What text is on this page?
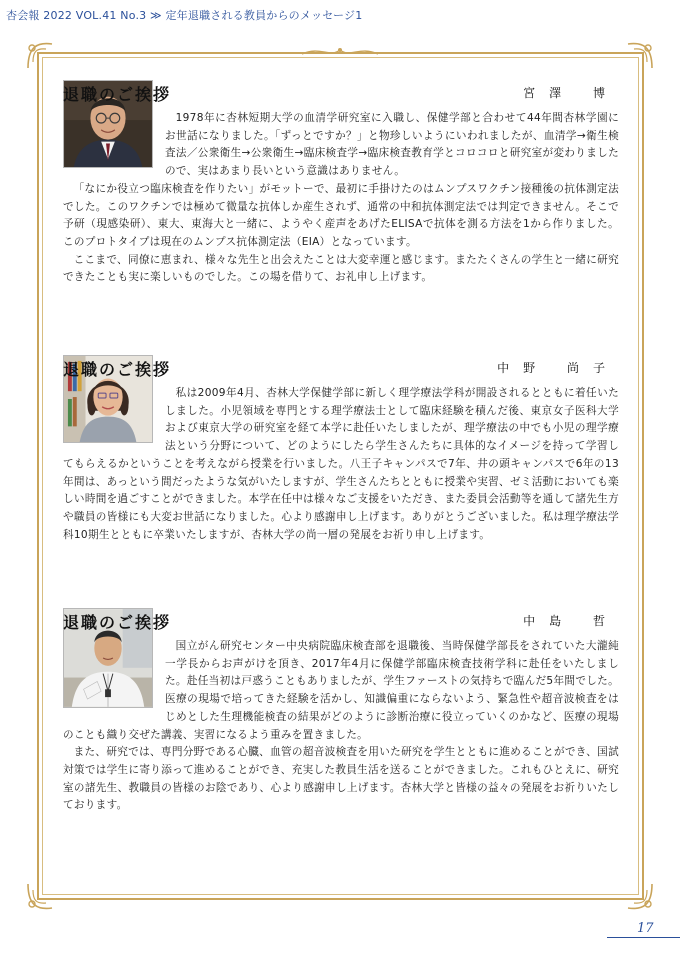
杏会報 2022 VOL.41 No.3 ≫ 定年退職される教員からのメッセージ1
退職のご挨拶	宮澤 博

1978年に杏林短期大学の血清学研究室に入職し、保健学部と合わせて44年間杏林学園にお世話になりました。「ずっとですか？」と物珍しいようにいわれましたが、血清学→衛生検査法／公衆衛生→公衆衛生→臨床検査学→臨床検査教育学とコロコロと研究室が変わりましたので、実はあまり長いという意識はありません。

「なにか役立つ臨床検査を作りたい」がモットーで、最初に手掛けたのはムンプスワクチン接種後の抗体測定法でした。このワクチンでは極めて微量な抗体しか産生されず、通常の中和抗体測定法では判定できません。そこで予研（現感染研）、東大、東海大と一緒に、ようやく産声をあげたELISAで抗体を測る方法を1から作りました。このプロトタイプは現在のムンプス抗体測定法（EIA）となっています。

ここまで、同僚に恵まれ、様々な先生と出会えたことは大変幸運と感じます。またたくさんの学生と一緒に研究できたことも実に楽しいものでした。この場を借りて、お礼申し上げます。

退職のご挨拶	中野 尚子

私は2009年4月、杏林大学保健学部に新しく理学療法学科が開設されるとともに着任いたしました。小児領域を専門とする理学療法士として臨床経験を積んだ後、東京女子医科大学および東京大学の研究室を経て本学に赴任いたしましたが、理学療法の中でも小児の理学療法という分野について、どのようにしたら学生さんたちに具体的なイメージを持って学習してもらえるかということを考えながら授業を行いました。八王子キャンパスで7年、井の頭キャンパスで6年の13年間は、あっという間だったような気がいたしますが、学生さんたちとともに授業や実習、ゼミ活動においても楽しい時間を過ごすことができました。本学在任中は様々なご支援をいただき、また委員会活動等を通して諸先生方や職員の皆様にも大変お世話になりました。心より感謝申し上げます。ありがとうございました。私は理学療法学科10期生とともに卒業いたしますが、杏林大学の尚一層の発展をお祈り申し上げます。

退職のご挨拶	中島 哲

国立がん研究センター中央病院臨床検査部を退職後、当時保健学部長をされていた大瀧純一学長からお声がけを頂き、2017年4月に保健学部臨床検査技術学科に赴任をいたしました。赴任当初は戸惑うこともありましたが、学生ファーストの気持ちで臨んだ5年間でした。医療の現場で培ってきた経験を活かし、知識偏重にならないよう、緊急性や超音波検査をはじめとした生理機能検査の結果がどのように診断治療に役立っていくのかなど、医療の現場のことも織り交ぜた講義、実習になるよう重みを置きました。

また、研究では、専門分野である心臓、血管の超音波検査を用いた研究を学生とともに進めることができ、国試対策では学生に寄り添って進めることができ、充実した教員生活を送ることができました。これもひとえに、研究室の諸先生、教職員の皆様のお陰であり、心より感謝申し上げます。杏林大学と皆様の益々の発展をお祈りいたしております。

17
